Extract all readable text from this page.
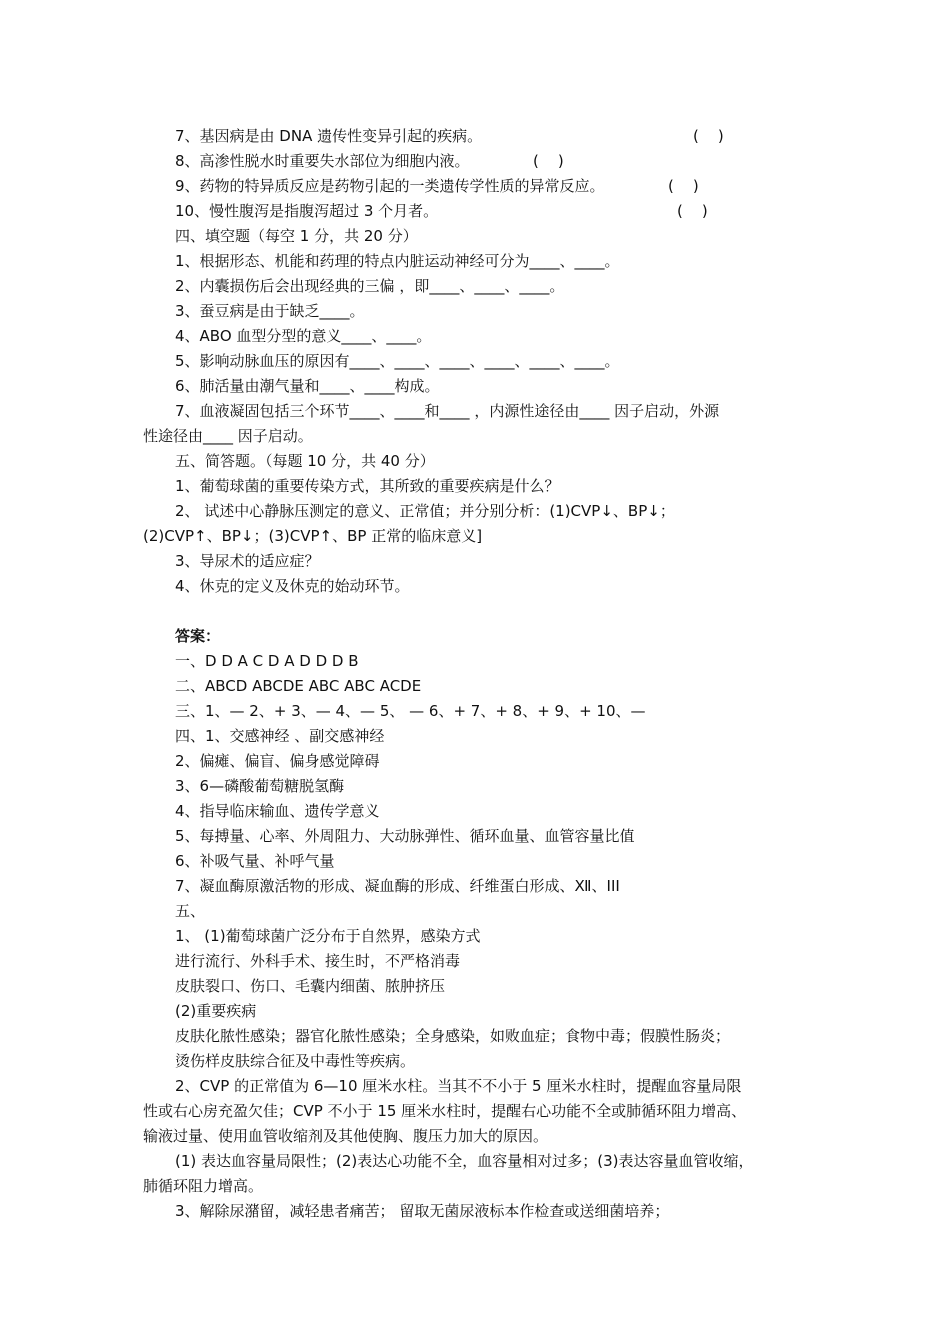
7、基因病是由 DNA 遗传性变异引起的疾病。	(    )
8、高渗性脱水时重要失水部位为细胞内液。	(    )
9、药物的特异质反应是药物引起的一类遗传学性质的异常反应。	(    )
10、慢性腹泻是指腹泻超过 3 个月者。	(    )
四、填空题（每空 1 分，共 20 分）
1、根据形态、机能和药理的特点内脏运动神经可分为____、____。
2、内囊损伤后会出现经典的三偏 ，即____、____、____。
3、蚕豆病是由于缺乏____。
4、ABO 血型分型的意义____、____。
5、影响动脉血压的原因有____、____、____、____、____、____。
6、肺活量由潮气量和____、____构成。
7、血液凝固包括三个环节____、____和____ ，内源性途径由____ 因子启动，外源
性途径由____ 因子启动。
五、简答题。（每题 10 分，共 40 分）
1、葡萄球菌的重要传染方式，其所致的重要疾病是什么？
2、 试述中心静脉压测定的意义、正常值；并分别分析：(1)CVP↓、BP↓；
(2)CVP↑、BP↓；(3)CVP↑、BP 正常的临床意义]
3、导尿术的适应症？
4、休克的定义及休克的始动环节。
答案：
一、D D A C D A D D D B
二、ABCD ABCDE ABC ABC ACDE
三、1、— 2、+ 3、— 4、— 5、 — 6、+ 7、+ 8、+ 9、+ 10、—
四、1、交感神经 、副交感神经
2、偏瘫、偏盲、偏身感觉障碍
3、6—磷酸葡萄糖脱氢酶
4、指导临床输血、遗传学意义
5、每搏量、心率、外周阻力、大动脉弹性、循环血量、血管容量比值
6、补吸气量、补呼气量
7、凝血酶原激活物的形成、凝血酶的形成、纤维蛋白形成、Ⅻ、III
五、
1、 (1)葡萄球菌广泛分布于自然界，感染方式
进行流行、外科手术、接生时，不严格消毒
皮肤裂口、伤口、毛囊内细菌、脓肿挤压
(2)重要疾病
皮肤化脓性感染；器官化脓性感染；全身感染，如败血症；食物中毒；假膜性肠炎；
烫伤样皮肤综合征及中毒性等疾病。
2、CVP 的正常值为 6—10 厘米水柱。当其不不小于 5 厘米水柱时，提醒血容量局限
性或右心房充盈欠佳；CVP 不小于 15 厘米水柱时，提醒右心功能不全或肺循环阻力增高、
输液过量、使用血管收缩剂及其他使胸、腹压力加大的原因。
(1) 表达血容量局限性；(2)表达心功能不全，血容量相对过多；(3)表达容量血管收缩，
肺循环阻力增高。
3、解除尿潴留，减轻患者痛苦； 留取无菌尿液标本作检查或送细菌培养；
